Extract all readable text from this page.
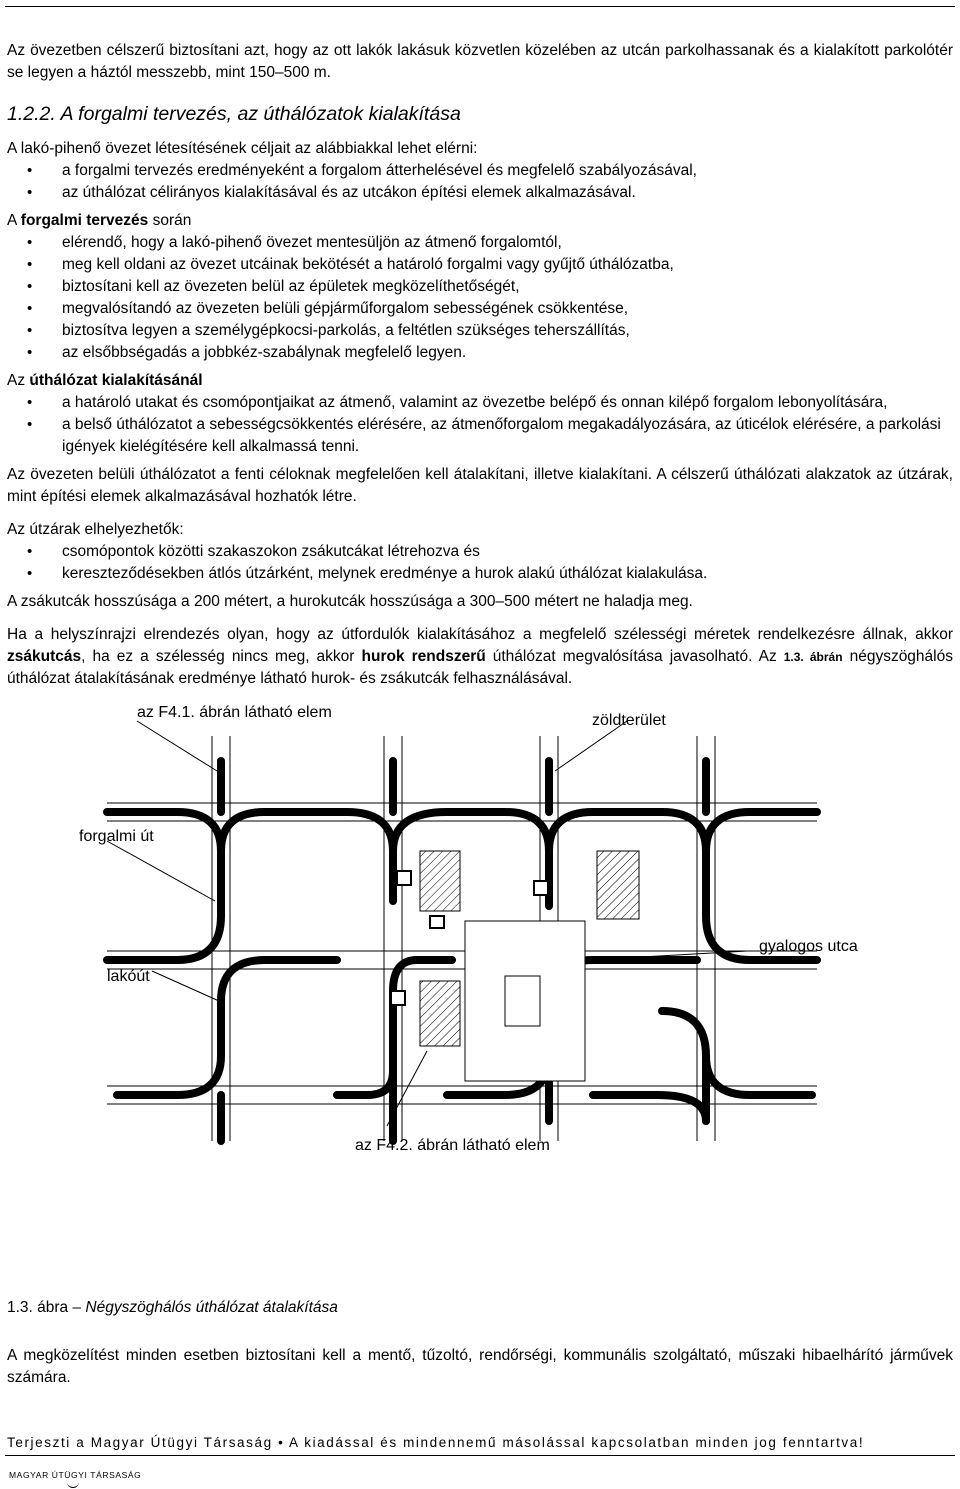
Az övezetben célszerű biztosítani azt, hogy az ott lakók lakásuk közvetlen közelében az utcán parkolhassanak és a kialakított parkolótér se legyen a háztól messzebb, mint 150–500 m.

1.2.2. A forgalmi tervezés, az úthálózatok kialakítása

A lakó-pihenő övezet létesítésének céljait az alábbiakkal lehet elérni:

• a forgalmi tervezés eredményeként a forgalom átterhelésével és megfelelő szabályozásával,
• az úthálózat célirányos kialakításával és az utcákon építési elemek alkalmazásával.

A forgalmi tervezés során

• elérendő, hogy a lakó-pihenő övezet mentesüljön az átmenő forgalomtól,
• meg kell oldani az övezet utcáinak bekötését a határoló forgalmi vagy gyűjtő úthálózatba,
• biztosítani kell az övezeten belül az épületek megközelíthetőségét,
• megvalósítandó az övezeten belüli gépjárműforgalom sebességének csökkentése,
• biztosítva legyen a személygépkocsi-parkolás, a feltétlen szükséges teherszállítás,
• az elsőbbségadás a jobbkéz-szabálynak megfelelő legyen.

Az úthálózat kialakításánál

• a határoló utakat és csomópontjaikat az átmenő, valamint az övezetbe belépő és onnan kilépő forgalom lebonyolítására,
• a belső úthálózatot a sebességcsökkentés elérésére, az átmenőforgalom megakadályozására, az úticélok elérésére, a parkolási igények kielégítésére kell alkalmassá tenni.

Az övezeten belüli úthálózatot a fenti céloknak megfelelően kell átalakítani, illetve kialakítani. A célszerű úthálózati alakzatok az útzárak, mint építési elemek alkalmazásával hozhatók létre.

Az útzárak elhelyezhetők:

• csomópontok közötti szakaszokon zsákutcákat létrehozva és
• kereszteződésekben átlós útzárként, melynek eredménye a hurok alakú úthálózat kialakulása.

A zsákutcák hosszúsága a 200 métert, a hurokutcák hosszúsága a 300–500 métert ne haladja meg.

Ha a helyszínrajzi elrendezés olyan, hogy az útfordulók kialakításához a megfelelő szélességi méretek rendelkezésre állnak, akkor zsákutcás, ha ez a szélesség nincs meg, akkor hurok rendszerű úthálózat megvalósítása javasolható. Az 1.3. ábrán négyszöghálós úthálózat átalakításának eredménye látható hurok- és zsákutcák felhasználásával.

az F4.1. ábrán látható elem	zöldterület
forgalmi út
gyalogos utca
lakóút
az F4.2. ábrán látható elem
1.3. ábra – Négyszöghálós úthálózat átalakítása

A megközelítést minden esetben biztosítani kell a mentő, tűzoltó, rendőrségi, kommunális szolgáltató, műszaki hibaelhárító járművek számára.

Terjeszti a Magyar Útügyi Társaság • A kiadással és mindennemű másolással kapcsolatban minden jog fenntartva!
MAGYAR ÚTÜGYI TÁRSASÁG
